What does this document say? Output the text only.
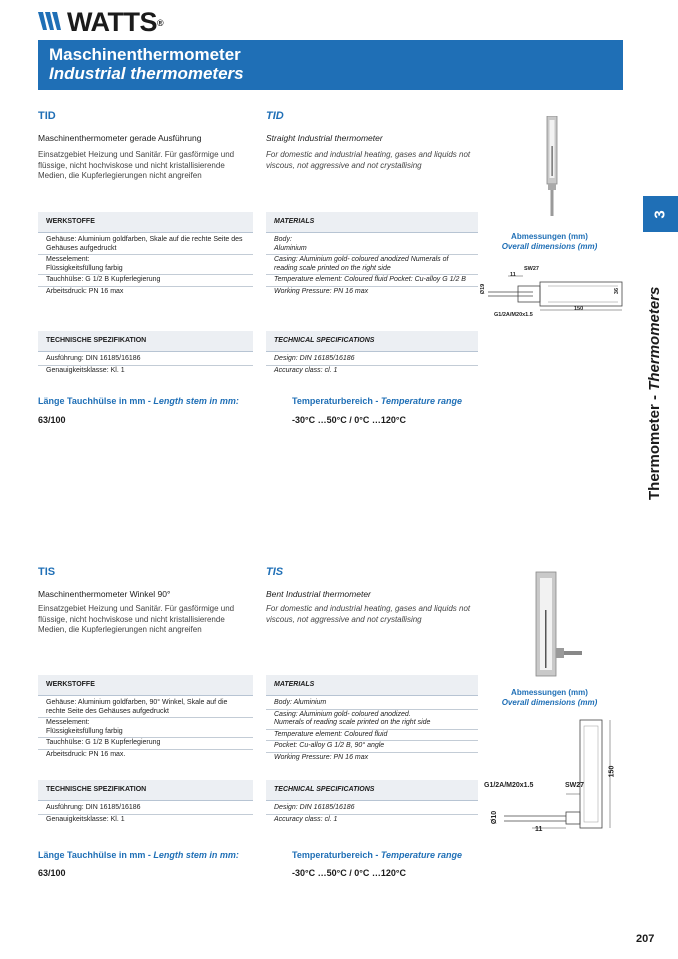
WATTS®
Maschinenthermometer
Industrial thermometers
3
Thermometer - Thermometers
TID	TID
Maschinenthermometer gerade Ausführung	Straight Industrial thermometer
Einsatzgebiet Heizung und Sanitär. Für gasförmige und
flüssige, nicht hochviskose und nicht kristallisierende
Medien, die Kupferlegierungen nicht angreifen
For domestic and industrial heating, gases and liquids not
viscous, not aggressive and not crystallising
WERKSTOFFE
Gehäuse: Aluminium goldfarben, Skale auf die rechte Seite des
Gehäuses aufgedruckt
Messelement:
Flüssigkeitsfüllung farbig
Tauchhülse: G 1/2 B Kupferlegierung
Arbeitsdruck: PN 16 max
MATERIALS
Body:
Aluminium
Casing: Aluminium gold- coloured anodized Numerals of
reading scale printed on the right side
Temperature element: Coloured fluid Pocket: Cu-alloy G 1/2 B
Working Pressure: PN 16 max
Abmessungen (mm)
Overall dimensions (mm)
SW27
11
150
Ø19	36
G1/2A/M20x1.5
TECHNISCHE SPEZIFIKATION
Ausführung: DIN 16185/16186
Genauigkeitsklasse: Kl. 1
TECHNICAL SPECIFICATIONS
Design: DIN 16185/16186
Accuracy class: cl. 1
Länge Tauchhülse in mm - Length stem in mm:
63/100
Temperaturbereich - Temperature range
-30°C …50°C / 0°C …120°C
TIS	TIS
Maschinenthermometer Winkel 90°	Bent Industrial thermometer
Einsatzgebiet Heizung und Sanitär. Für gasförmige und
flüssige, nicht hochviskose und nicht kristallisierende
Medien, die Kupferlegierungen nicht angreifen
For domestic and industrial heating, gases and liquids not
viscous, not aggressive and not crystallising
WERKSTOFFE
Gehäuse: Aluminium goldfarben, 90° Winkel, Skale auf die
rechte Seite des Gehäuses aufgedruckt
Messelement:
Flüssigkeitsfüllung farbig
Tauchhülse: G 1/2 B Kupferlegierung
Arbeitsdruck: PN 16 max.
MATERIALS
Body: Aluminium
Casing: Aluminium gold- coloured anodized.
Numerals of reading scale printed on the right side
Temperature element: Coloured fluid
Pocket: Cu-alloy G 1/2 B, 90° angle
Working Pressure: PN 16 max
Abmessungen (mm)
Overall dimensions (mm)
G1/2A/M20x1.5	SW27
11
150
Ø10
TECHNISCHE SPEZIFIKATION
Ausführung: DIN 16185/16186
Genauigkeitsklasse: Kl. 1
TECHNICAL SPECIFICATIONS
Design: DIN 16185/16186
Accuracy class: cl. 1
Länge Tauchhülse in mm - Length stem in mm:
63/100
Temperaturbereich - Temperature range
-30°C …50°C / 0°C …120°C
207
